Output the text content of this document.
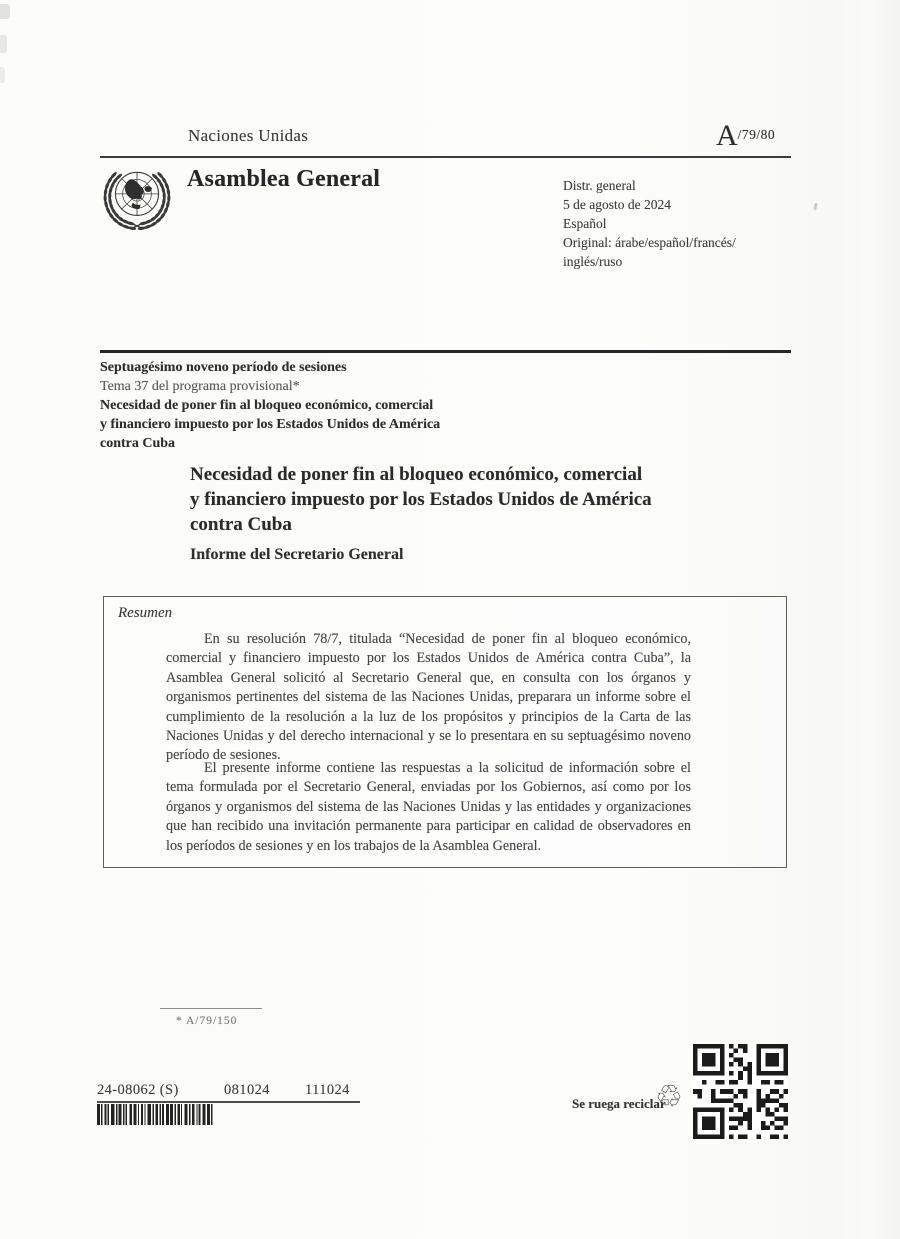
Naciones Unidas	$A^{/79/80}$
Asamblea General	Distr. general
5 de agosto de 2024
Español
Original: árabe/español/francés/
inglés/ruso
Septuagésimo noveno período de sesiones
Tema 37 del programa provisional*
Necesidad de poner fin al bloqueo económico, comercial
y financiero impuesto por los Estados Unidos de América
contra Cuba
Necesidad de poner fin al bloqueo económico, comercial
y financiero impuesto por los Estados Unidos de América
contra Cuba
Informe del Secretario General
Resumen

En su resolución 78/7, titulada “Necesidad de poner fin al bloqueo económico, comercial y financiero impuesto por los Estados Unidos de América contra Cuba”, la Asamblea General solicitó al Secretario General que, en consulta con los órganos y organismos pertinentes del sistema de las Naciones Unidas, preparara un informe sobre el cumplimiento de la resolución a la luz de los propósitos y principios de la Carta de las Naciones Unidas y del derecho internacional y se lo presentara en su septuagésimo noveno período de sesiones.

El presente informe contiene las respuestas a la solicitud de información sobre el tema formulada por el Secretario General, enviadas por los Gobiernos, así como por los órganos y organismos del sistema de las Naciones Unidas y las entidades y organizaciones que han recibido una invitación permanente para participar en calidad de observadores en los períodos de sesiones y en los trabajos de la Asamblea General.

* A/79/150
24-08062 (S)	081024 111024
Se ruega reciclar
♲
